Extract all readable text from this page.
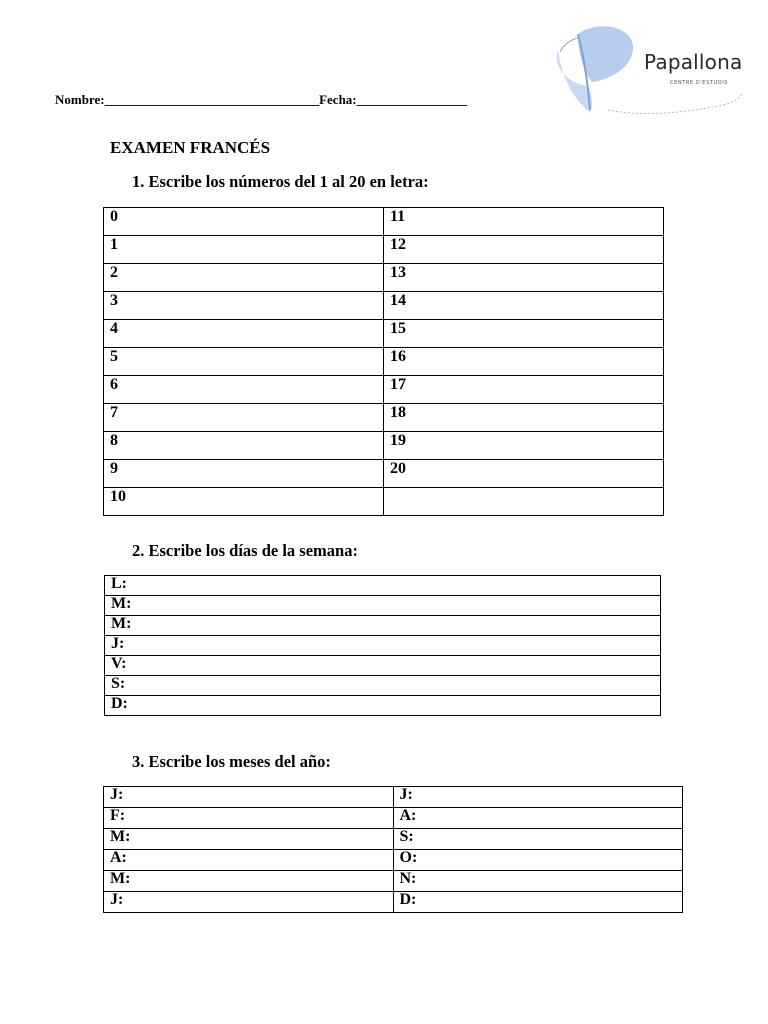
Nombre:_________________________________Fecha:_________________
Papallona
CENTRE D'ESTUDIS
EXAMEN FRANCÉS
1. Escribe los números del 1 al 20 en letra:
0	11
1	12
2	13
3	14
4	15
5	16
6	17
7	18
8	19
9	20
10	
2. Escribe los días de la semana:
L:
M:
M:
J:
V:
S:
D:
3. Escribe los meses del año:
J:	J:
F:	A:
M:	S:
A:	O:
M:	N:
J:	D:
